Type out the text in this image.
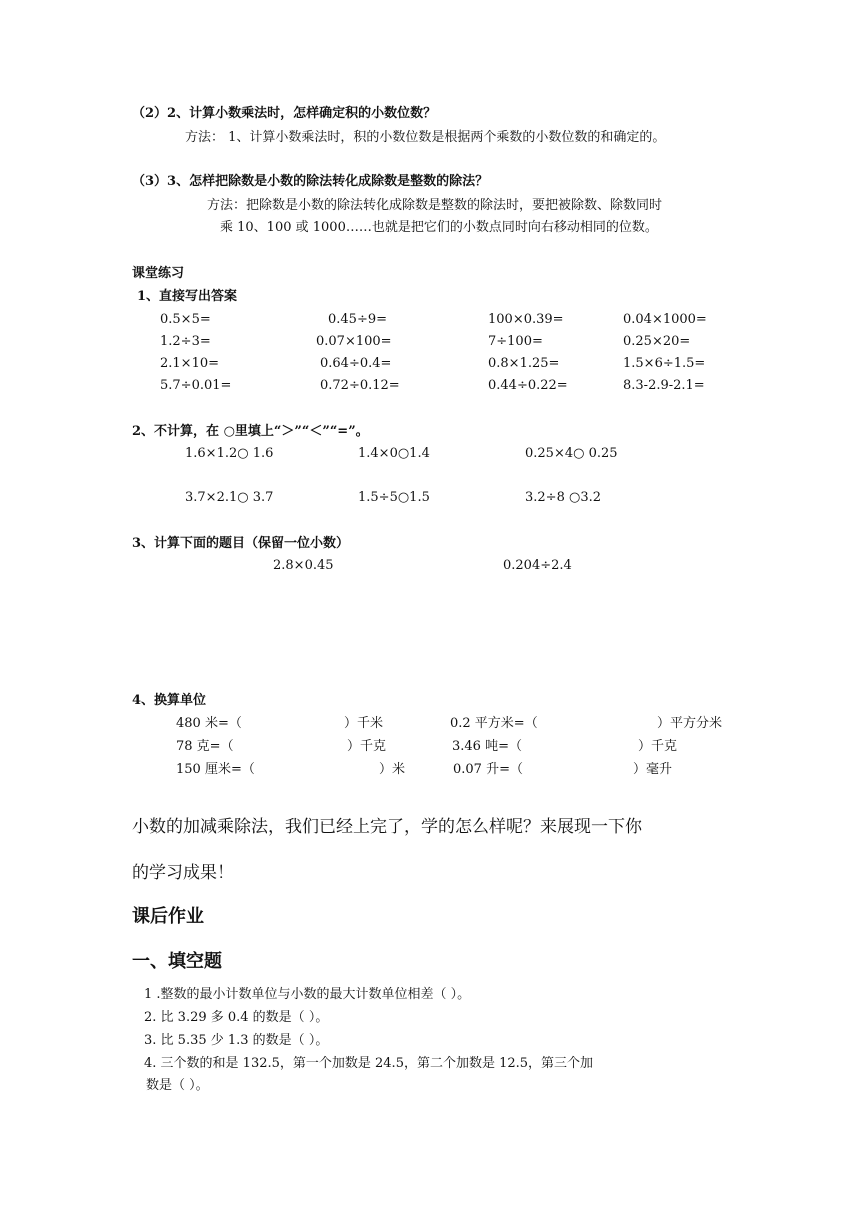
（2）2、计算小数乘法时，怎样确定积的小数位数？
方法： 1、计算小数乘法时，积的小数位数是根据两个乘数的小数位数的和确定的。
（3）3、怎样把除数是小数的除法转化成除数是整数的除法？
方法：把除数是小数的除法转化成除数是整数的除法时，要把被除数、除数同时
乘 10、100 或 1000……也就是把它们的小数点同时向右移动相同的位数。
课堂练习
1、直接写出答案
0.5×5=	0.45÷9=	100×0.39=	0.04×1000=
1.2÷3=	0.07×100=	7÷100=	0.25×20=
2.1×10=	0.64÷0.4=	0.8×1.25=	1.5×6÷1.5=
5.7÷0.01=	0.72÷0.12=	0.44÷0.22=	8.3-2.9-2.1=
2、不计算，在 ○里填上“＞”“＜”“=”。
1.6×1.2○ 1.6	1.4×0○1.4	0.25×4○ 0.25
3.7×2.1○ 3.7	1.5÷5○1.5	3.2÷8 ○3.2
3、计算下面的题目（保留一位小数）
2.8×0.45	0.204÷2.4
4、换算单位
480 米=（	）千米	0.2 平方米=（	）平方分米
78 克=（	）千克	3.46 吨=（	）千克
150 厘米=（	）米	0.07 升=（	）毫升
小数的加减乘除法，我们已经上完了，学的怎么样呢？来展现一下你
的学习成果！
课后作业
一、填空题
1 .整数的最小计数单位与小数的最大计数单位相差（ ）。
2. 比 3.29 多 0.4 的数是（ ）。
3. 比 5.35 少 1.3 的数是（ ）。
4. 三个数的和是 132.5，第一个加数是 24.5，第二个加数是 12.5，第三个加
数是（ ）。
